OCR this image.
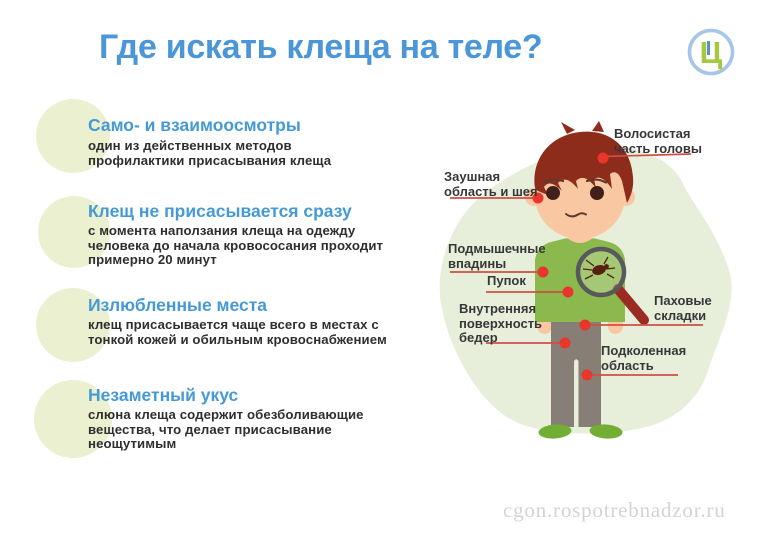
Где искать клеща на теле?	Ц
Само- и взаимоосмотры
один из действенных методов
профилактики присасывания клеща
Клещ не присасывается сразу
с момента наползания клеща на одежду
человека до начала кровососания проходит
примерно 20 минут
Излюбленные места
клещ присасывается чаще всего в местах с
тонкой кожей и обильным кровоснабжением
Незаметный укус
слюна клеща содержит обезболивающие
вещества, что делает присасывание
неощутимым
Волосистая
часть головы
Заушная
область и шея
Подмышечные
впадины
Пупок
Внутренняя
поверхность
бедер
Паховые
складки
Подколенная
область
cgon.rospotrebnadzor.ru
